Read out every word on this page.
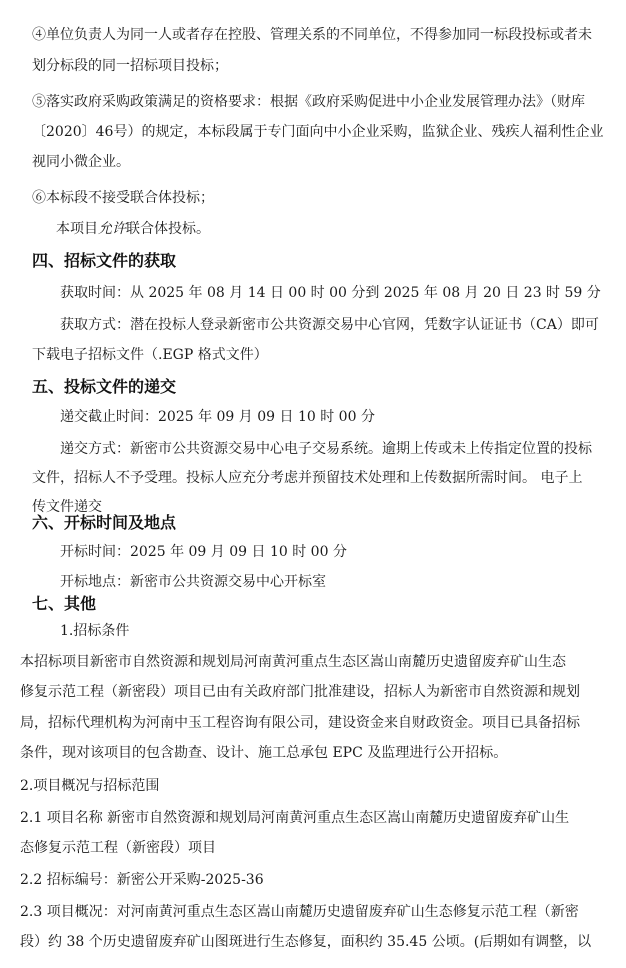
④单位负责人为同一人或者存在控股、管理关系的不同单位，不得参加同一标段投标或者未
划分标段的同一招标项目投标；
⑤落实政府采购政策满足的资格要求：根据《政府采购促进中小企业发展管理办法》（财库
〔2020〕46号）的规定，本标段属于专门面向中小企业采购，监狱企业、残疾人福利性企业
视同小微企业。
⑥本标段不接受联合体投标；
本项目允许联合体投标。
四、招标文件的获取
获取时间：从 2025 年 08 月 14 日 00 时 00 分到 2025 年 08 月 20 日 23 时 59 分
获取方式：潜在投标人登录新密市公共资源交易中心官网，凭数字认证证书（CA）即可
下载电子招标文件（.EGP 格式文件）
五、投标文件的递交
递交截止时间：2025 年 09 月 09 日 10 时 00 分
递交方式：新密市公共资源交易中心电子交易系统。逾期上传或未上传指定位置的投标
文件，招标人不予受理。投标人应充分考虑并预留技术处理和上传数据所需时间。 电子上
传文件递交
六、开标时间及地点
开标时间：2025 年 09 月 09 日 10 时 00 分
开标地点：新密市公共资源交易中心开标室
七、其他
1.招标条件
本招标项目新密市自然资源和规划局河南黄河重点生态区嵩山南麓历史遗留废弃矿山生态
修复示范工程（新密段）项目已由有关政府部门批准建设，招标人为新密市自然资源和规划
局，招标代理机构为河南中玉工程咨询有限公司，建设资金来自财政资金。项目已具备招标
条件，现对该项目的包含勘查、设计、施工总承包 EPC 及监理进行公开招标。
2.项目概况与招标范围
2.1 项目名称 新密市自然资源和规划局河南黄河重点生态区嵩山南麓历史遗留废弃矿山生
态修复示范工程（新密段）项目
2.2 招标编号：新密公开采购-2025-36
2.3 项目概况：对河南黄河重点生态区嵩山南麓历史遗留废弃矿山生态修复示范工程（新密
段）约 38 个历史遗留废弃矿山图斑进行生态修复，面积约 35.45 公顷。(后期如有调整，以
